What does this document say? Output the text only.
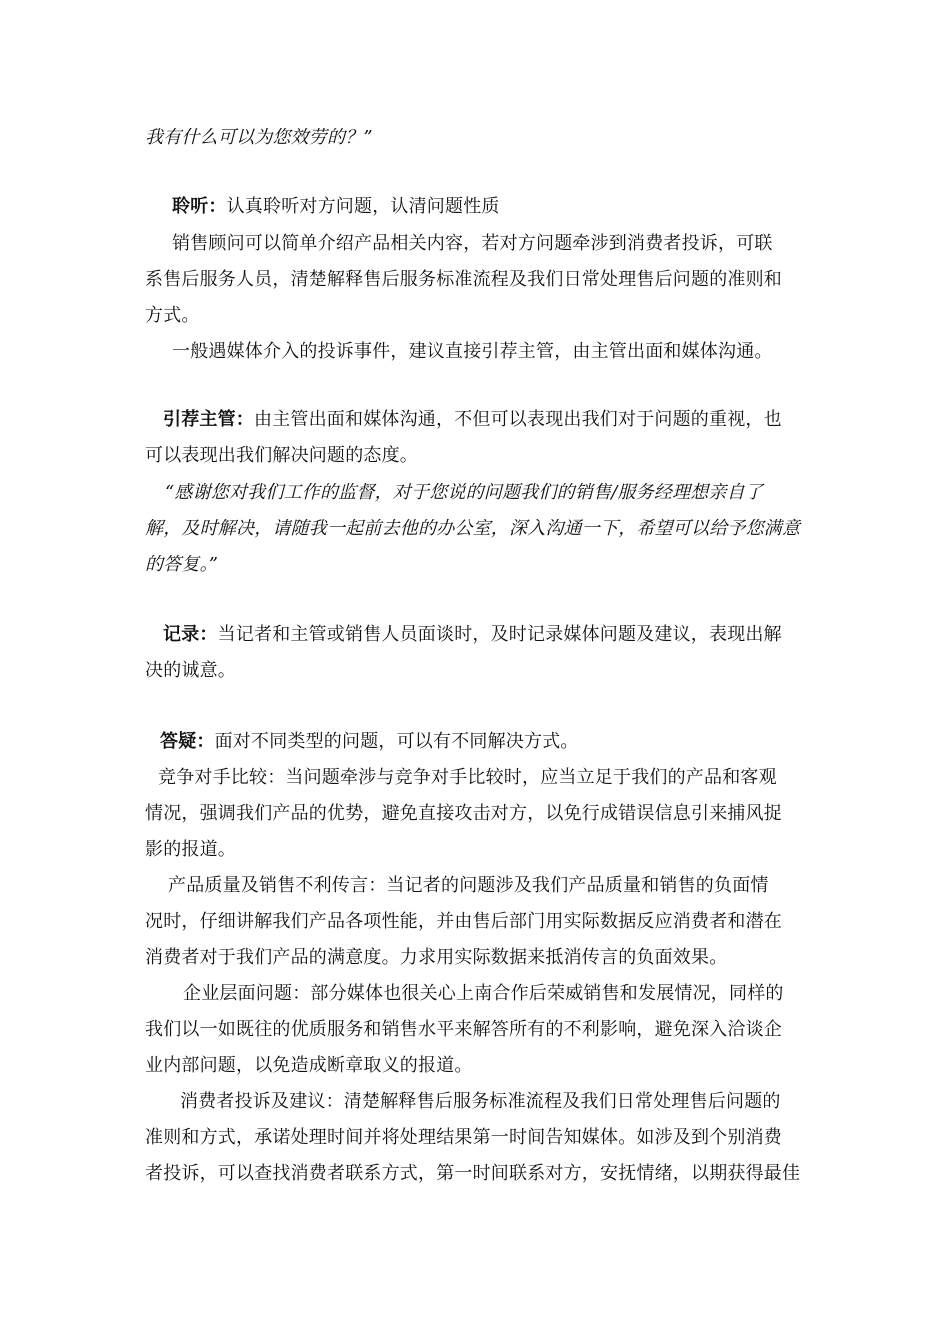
我有什么可以为您效劳的？”
聆听：认真聆听对方问题，认清问题性质
销售顾问可以简单介绍产品相关内容，若对方问题牵涉到消费者投诉，可联
系售后服务人员，清楚解释售后服务标准流程及我们日常处理售后问题的准则和
方式。
一般遇媒体介入的投诉事件，建议直接引荐主管，由主管出面和媒体沟通。
引荐主管：由主管出面和媒体沟通，不但可以表现出我们对于问题的重视，也
可以表现出我们解决问题的态度。
“感谢您对我们工作的监督，对于您说的问题我们的销售/服务经理想亲自了
解，及时解决，请随我一起前去他的办公室，深入沟通一下，希望可以给予您满意
的答复。”
记录：当记者和主管或销售人员面谈时，及时记录媒体问题及建议，表现出解
决的诚意。
答疑：面对不同类型的问题，可以有不同解决方式。
竞争对手比较：当问题牵涉与竞争对手比较时，应当立足于我们的产品和客观
情况，强调我们产品的优势，避免直接攻击对方，以免行成错误信息引来捕风捉
影的报道。
产品质量及销售不利传言：当记者的问题涉及我们产品质量和销售的负面情
况时，仔细讲解我们产品各项性能，并由售后部门用实际数据反应消费者和潜在
消费者对于我们产品的满意度。力求用实际数据来抵消传言的负面效果。
企业层面问题：部分媒体也很关心上南合作后荣威销售和发展情况，同样的
我们以一如既往的优质服务和销售水平来解答所有的不利影响，避免深入洽谈企
业内部问题，以免造成断章取义的报道。
消费者投诉及建议：清楚解释售后服务标准流程及我们日常处理售后问题的
准则和方式，承诺处理时间并将处理结果第一时间告知媒体。如涉及到个别消费
者投诉，可以查找消费者联系方式，第一时间联系对方，安抚情绪，以期获得最佳
